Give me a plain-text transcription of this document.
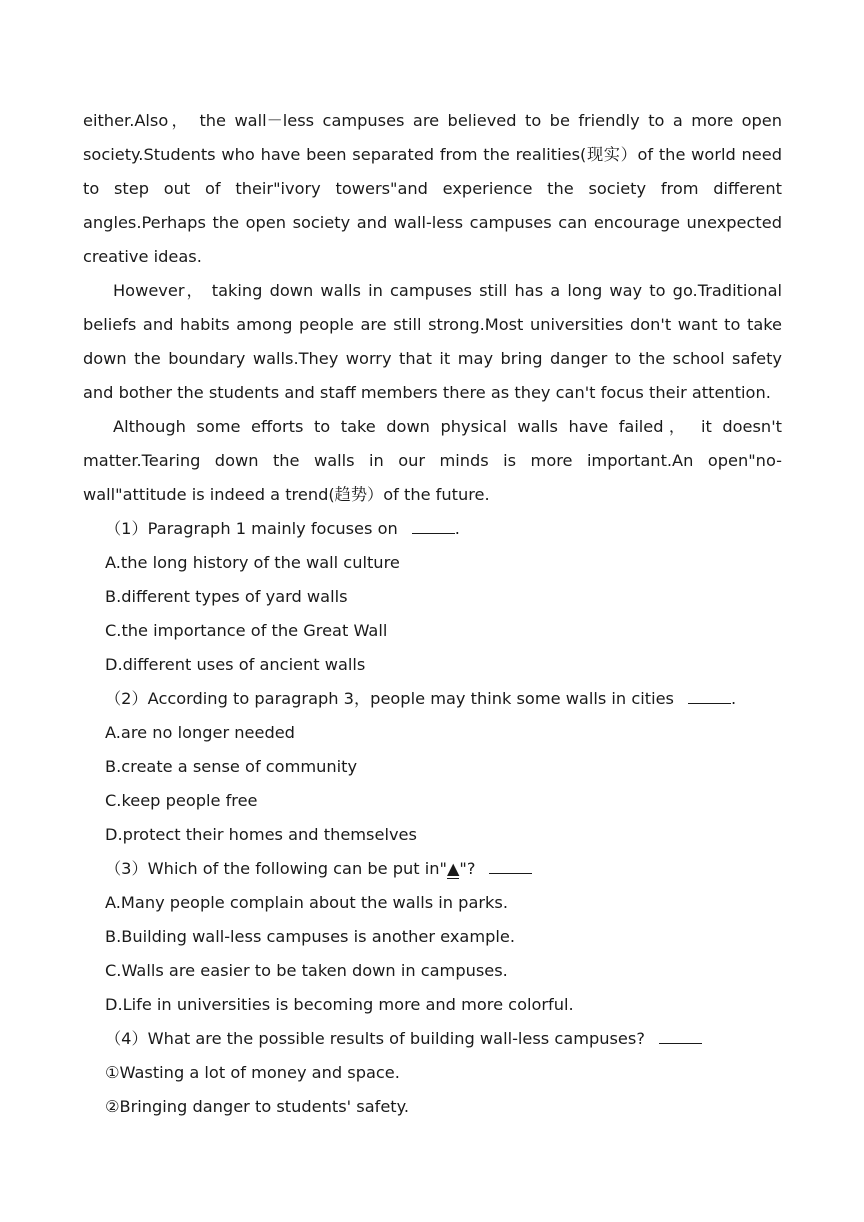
either.Also， the wall－less campuses are believed to be friendly to a more open society.Students who have been separated from the realities(现实）of the world need to step out of their"ivory towers"and experience the society from different angles.Perhaps the open society and wall-less campuses can encourage unexpected creative ideas.

However， taking down walls in campuses still has a long way to go.Traditional beliefs and habits among people are still strong.Most universities don't want to take down the boundary walls.They worry that it may bring danger to the school safety and bother the students and staff members there as they can't focus their attention.

Although some efforts to take down physical walls have failed， it doesn't matter.Tearing down the walls in our minds is more important.An open"no-wall"attitude is indeed a trend(趋势）of the future.

（1）Paragraph 1 mainly focuses on	.

A.the long history of the wall culture

B.different types of yard walls

C.the importance of the Great Wall

D.different uses of ancient walls

（2）According to paragraph 3，people may think some walls in cities	.

A.are no longer needed

B.create a sense of community

C.keep people free

D.protect their homes and themselves

（3）Which of the following can be put in"▲"?

A.Many people complain about the walls in parks.

B.Building wall-less campuses is another example.

C.Walls are easier to be taken down in campuses.

D.Life in universities is becoming more and more colorful.

（4）What are the possible results of building wall-less campuses?

①Wasting a lot of money and space.

②Bringing danger to students' safety.
